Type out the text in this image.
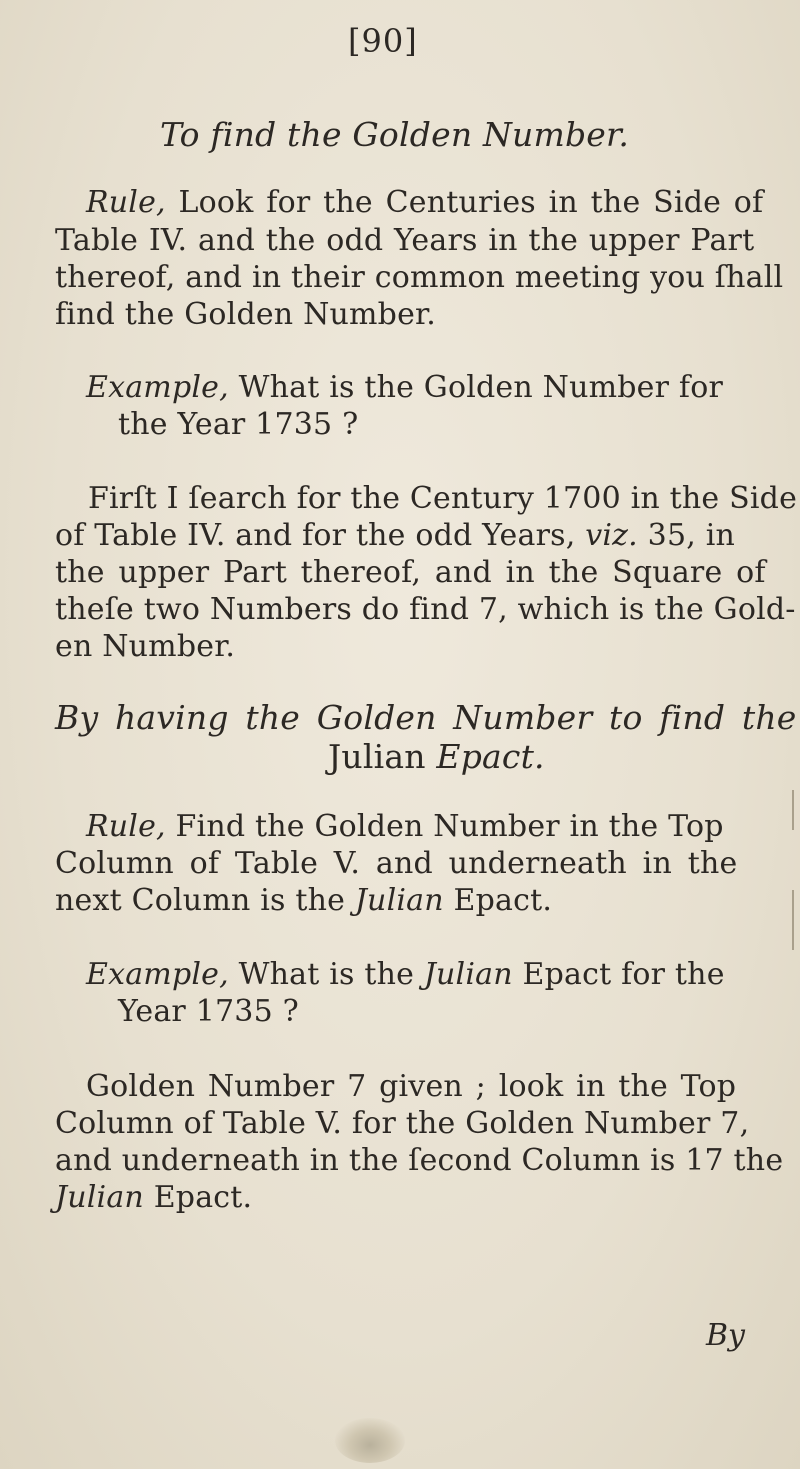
[90]
To find the Golden Number.
Rule, Look for the Centuries in the Side of
Table IV. and the odd Years in the upper Part
thereof, and in their common meeting you ſhall
find the Golden Number.
Example, What is the Golden Number for
the Year 1735 ?
Firſt I ſearch for the Century 1700 in the Side
of Table IV. and for the odd Years, viz. 35, in
the upper Part thereof, and in the Square of
theſe two Numbers do find 7, which is the Gold-
en Number.
By having the Golden Number to find the
Julian Epact.
Rule, Find the Golden Number in the Top
Column of Table V. and underneath in the
next Column is the Julian Epact.
Example, What is the Julian Epact for the
Year 1735 ?
Golden Number 7 given ; look in the Top
Column of Table V. for the Golden Number 7,
and underneath in the ſecond Column is 17 the
Julian Epact.
By
